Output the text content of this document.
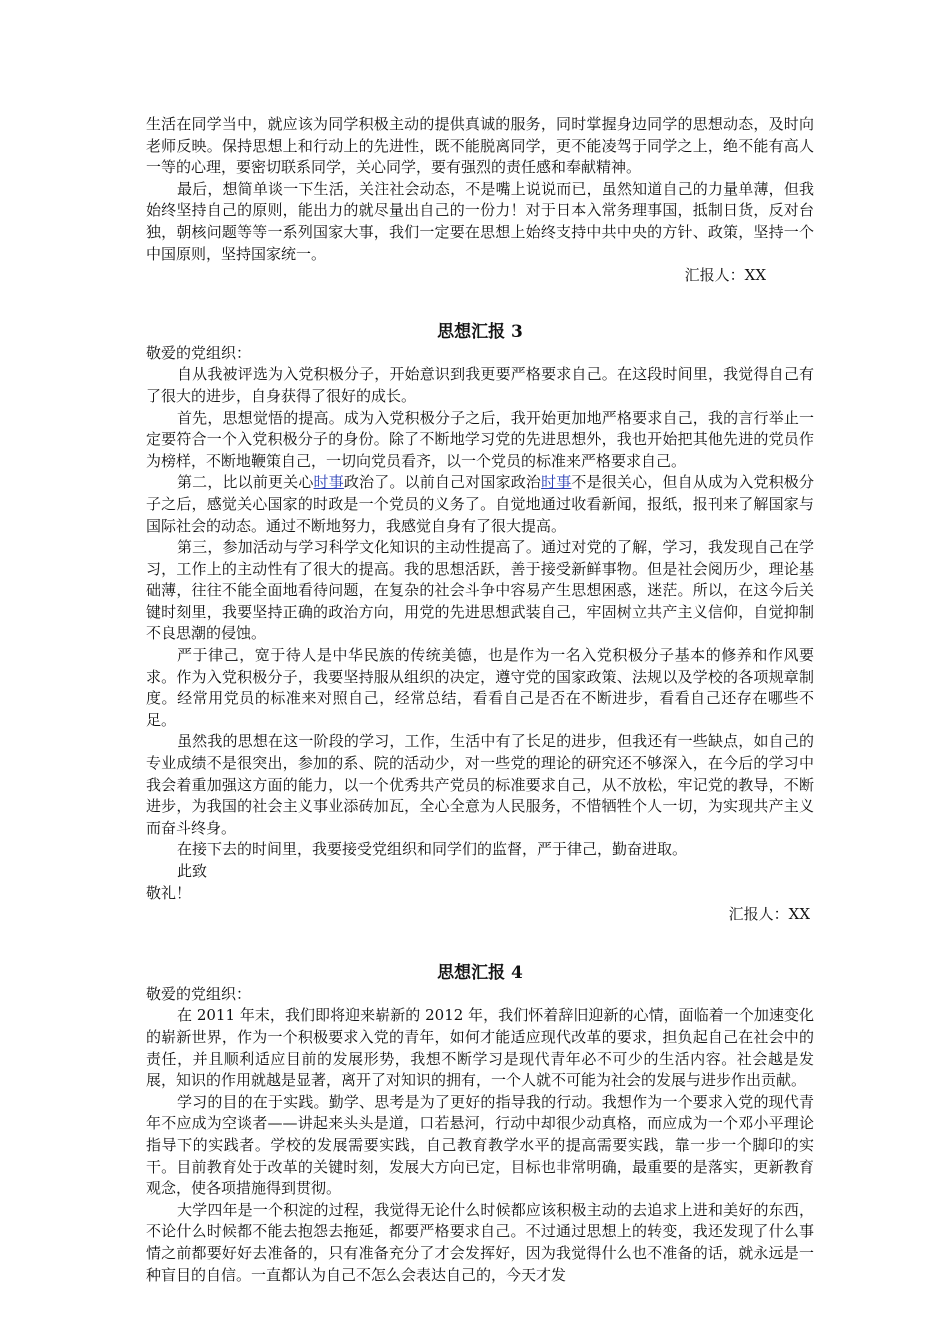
生活在同学当中，就应该为同学积极主动的提供真诚的服务，同时掌握身边同学的思想动态，及时向老师反映。保持思想上和行动上的先进性，既不能脱离同学，更不能凌驾于同学之上，绝不能有高人一等的心理，要密切联系同学，关心同学，要有强烈的责任感和奉献精神。

最后，想简单谈一下生活，关注社会动态，不是嘴上说说而已，虽然知道自己的力量单薄，但我始终坚持自己的原则，能出力的就尽量出自己的一份力！对于日本入常务理事国，抵制日货，反对台独，朝核问题等等一系列国家大事，我们一定要在思想上始终支持中共中央的方针、政策，坚持一个中国原则，坚持国家统一。

汇报人：XX

思想汇报 3

敬爱的党组织：

自从我被评选为入党积极分子，开始意识到我更要严格要求自己。在这段时间里，我觉得自己有了很大的进步，自身获得了很好的成长。

首先，思想觉悟的提高。成为入党积极分子之后，我开始更加地严格要求自己，我的言行举止一定要符合一个入党积极分子的身份。除了不断地学习党的先进思想外，我也开始把其他先进的党员作为榜样，不断地鞭策自己，一切向党员看齐，以一个党员的标准来严格要求自己。

第二，比以前更关心时事政治了。以前自己对国家政治时事不是很关心，但自从成为入党积极分子之后，感觉关心国家的时政是一个党员的义务了。自觉地通过收看新闻，报纸，报刊来了解国家与国际社会的动态。通过不断地努力，我感觉自身有了很大提高。

第三，参加活动与学习科学文化知识的主动性提高了。通过对党的了解，学习，我发现自己在学习，工作上的主动性有了很大的提高。我的思想活跃，善于接受新鲜事物。但是社会阅历少，理论基础薄，往往不能全面地看待问题，在复杂的社会斗争中容易产生思想困惑，迷茫。所以，在这今后关键时刻里，我要坚持正确的政治方向，用党的先进思想武装自己，牢固树立共产主义信仰，自觉抑制不良思潮的侵蚀。

严于律己，宽于待人是中华民族的传统美德，也是作为一名入党积极分子基本的修养和作风要求。作为入党积极分子，我要坚持服从组织的决定，遵守党的国家政策、法规以及学校的各项规章制度。经常用党员的标准来对照自己，经常总结，看看自己是否在不断进步，看看自己还存在哪些不足。

虽然我的思想在这一阶段的学习，工作，生活中有了长足的进步，但我还有一些缺点，如自己的专业成绩不是很突出，参加的系、院的活动少，对一些党的理论的研究还不够深入，在今后的学习中我会着重加强这方面的能力，以一个优秀共产党员的标准要求自己，从不放松，牢记党的教导，不断进步，为我国的社会主义事业添砖加瓦，全心全意为人民服务，不惜牺牲个人一切，为实现共产主义而奋斗终身。

在接下去的时间里，我要接受党组织和同学们的监督，严于律己，勤奋进取。

此致

敬礼！

汇报人：XX

思想汇报 4

敬爱的党组织：

在 2011 年末，我们即将迎来崭新的 2012 年，我们怀着辞旧迎新的心情，面临着一个加速变化的崭新世界，作为一个积极要求入党的青年，如何才能适应现代改革的要求，担负起自己在社会中的责任，并且顺利适应目前的发展形势，我想不断学习是现代青年必不可少的生活内容。社会越是发展，知识的作用就越是显著，离开了对知识的拥有，一个人就不可能为社会的发展与进步作出贡献。

学习的目的在于实践。勤学、思考是为了更好的指导我的行动。我想作为一个要求入党的现代青年不应成为空谈者——讲起来头头是道，口若悬河，行动中却很少动真格，而应成为一个邓小平理论指导下的实践者。学校的发展需要实践，自己教育教学水平的提高需要实践，靠一步一个脚印的实干。目前教育处于改革的关键时刻，发展大方向已定，目标也非常明确，最重要的是落实，更新教育观念，使各项措施得到贯彻。

大学四年是一个积淀的过程，我觉得无论什么时候都应该积极主动的去追求上进和美好的东西，不论什么时候都不能去抱怨去拖延，都要严格要求自己。不过通过思想上的转变，我还发现了什么事情之前都要好好去准备的，只有准备充分了才会发挥好，因为我觉得什么也不准备的话，就永远是一种盲目的自信。一直都认为自己不怎么会表达自己的，今天才发
